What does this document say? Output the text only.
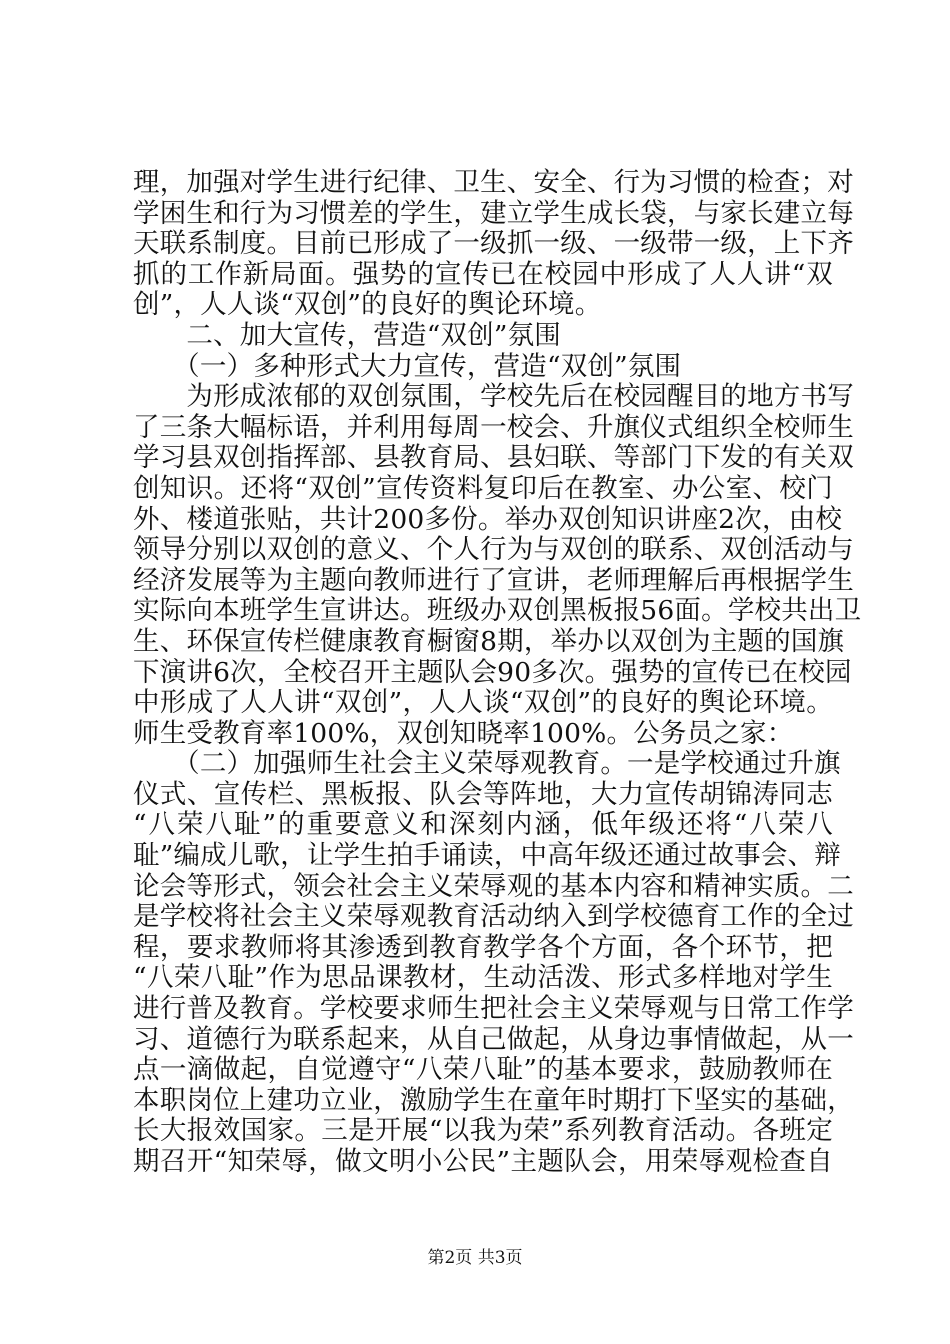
理，加强对学生进行纪律、卫生、安全、行为习惯的检查；对
学困生和行为习惯差的学生，建立学生成长袋，与家长建立每
天联系制度。目前已形成了一级抓一级、一级带一级，上下齐
抓的工作新局面。强势的宣传已在校园中形成了人人讲“双
创”，人人谈“双创”的良好的舆论环境。
　　二、加大宣传，营造“双创”氛围
　　（一）多种形式大力宣传，营造“双创”氛围
　　为形成浓郁的双创氛围，学校先后在校园醒目的地方书写
了三条大幅标语，并利用每周一校会、升旗仪式组织全校师生
学习县双创指挥部、县教育局、县妇联、等部门下发的有关双
创知识。还将“双创”宣传资料复印后在教室、办公室、校门
外、楼道张贴，共计200多份。举办双创知识讲座2次，由校
领导分别以双创的意义、个人行为与双创的联系、双创活动与
经济发展等为主题向教师进行了宣讲，老师理解后再根据学生
实际向本班学生宣讲达。班级办双创黑板报56面。学校共出卫
生、环保宣传栏健康教育橱窗8期，举办以双创为主题的国旗
下演讲6次，全校召开主题队会90多次。强势的宣传已在校园
中形成了人人讲“双创”，人人谈“双创”的良好的舆论环境。
师生受教育率100%，双创知晓率100%。公务员之家：
　　（二）加强师生社会主义荣辱观教育。一是学校通过升旗
仪式、宣传栏、黑板报、队会等阵地，大力宣传胡锦涛同志
“八荣八耻”的重要意义和深刻内涵，低年级还将“八荣八
耻”编成儿歌，让学生拍手诵读，中高年级还通过故事会、辩
论会等形式，领会社会主义荣辱观的基本内容和精神实质。二
是学校将社会主义荣辱观教育活动纳入到学校德育工作的全过
程，要求教师将其渗透到教育教学各个方面，各个环节，把
“八荣八耻”作为思品课教材，生动活泼、形式多样地对学生
进行普及教育。学校要求师生把社会主义荣辱观与日常工作学
习、道德行为联系起来，从自己做起，从身边事情做起，从一
点一滴做起，自觉遵守“八荣八耻”的基本要求，鼓励教师在
本职岗位上建功立业，激励学生在童年时期打下坚实的基础，
长大报效国家。三是开展“以我为荣”系列教育活动。各班定
期召开“知荣辱，做文明小公民”主题队会，用荣辱观检查自
第2页 共3页
